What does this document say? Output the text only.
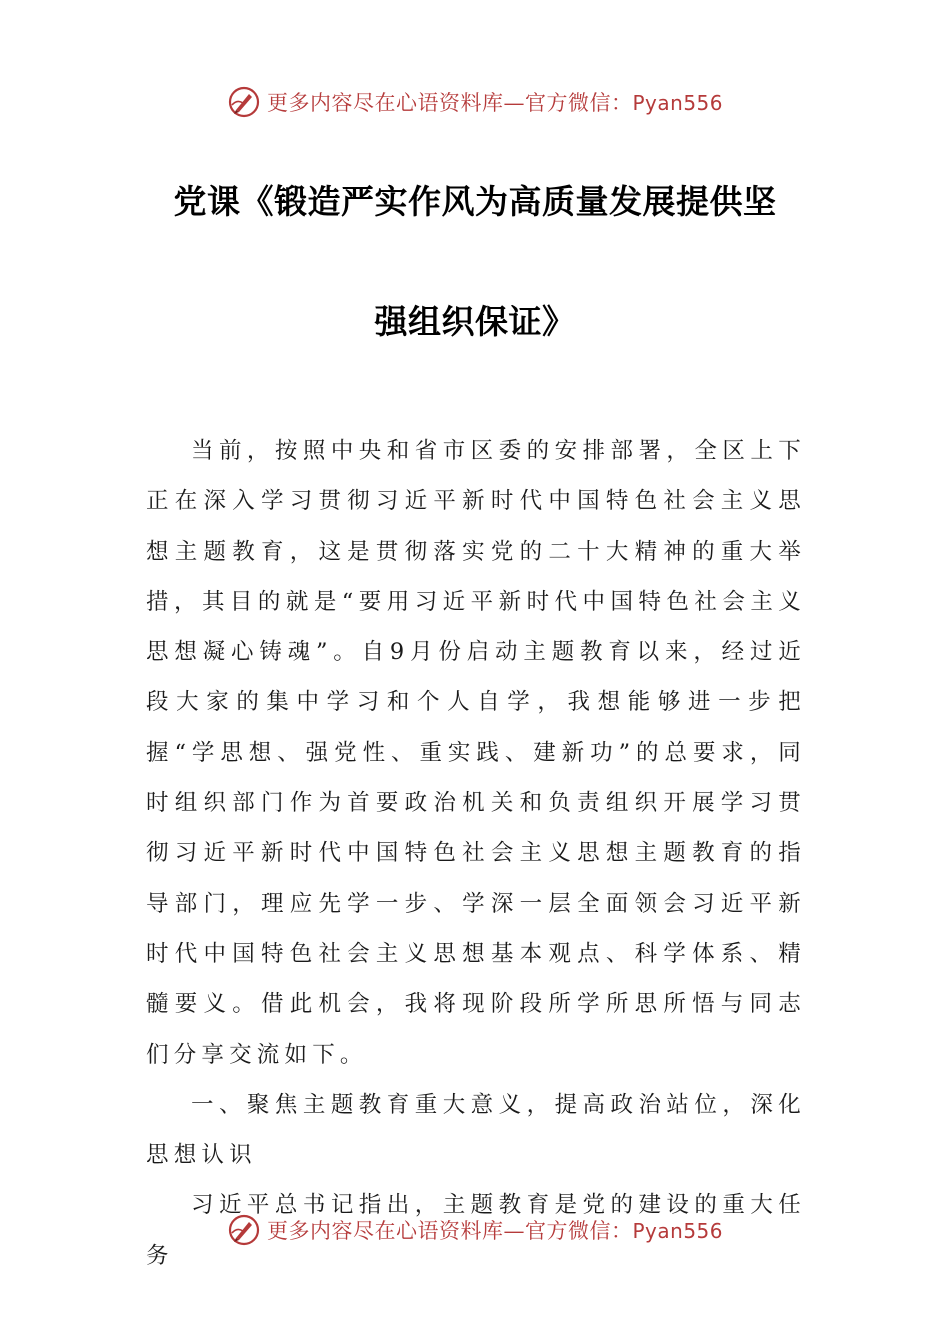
更多内容尽在心语资料库—官方微信：Pyan556
党课《锻造严实作风为高质量发展提供坚
强组织保证》

当前，按照中央和省市区委的安排部署，全区上下正在深入学习贯彻习近平新时代中国特色社会主义思想主题教育，这是贯彻落实党的二十大精神的重大举措，其目的就是“要用习近平新时代中国特色社会主义思想凝心铸魂”。自9月份启动主题教育以来，经过近段大家的集中学习和个人自学，我想能够进一步把握“学思想、强党性、重实践、建新功”的总要求，同时组织部门作为首要政治机关和负责组织开展学习贯彻习近平新时代中国特色社会主义思想主题教育的指导部门，理应先学一步、学深一层全面领会习近平新时代中国特色社会主义思想基本观点、科学体系、精髓要义。借此机会，我将现阶段所学所思所悟与同志们分享交流如下。

一、聚焦主题教育重大意义，提高政治站位，深化思想认识

习近平总书记指出，主题教育是党的建设的重大任务

更多内容尽在心语资料库—官方微信：Pyan556
